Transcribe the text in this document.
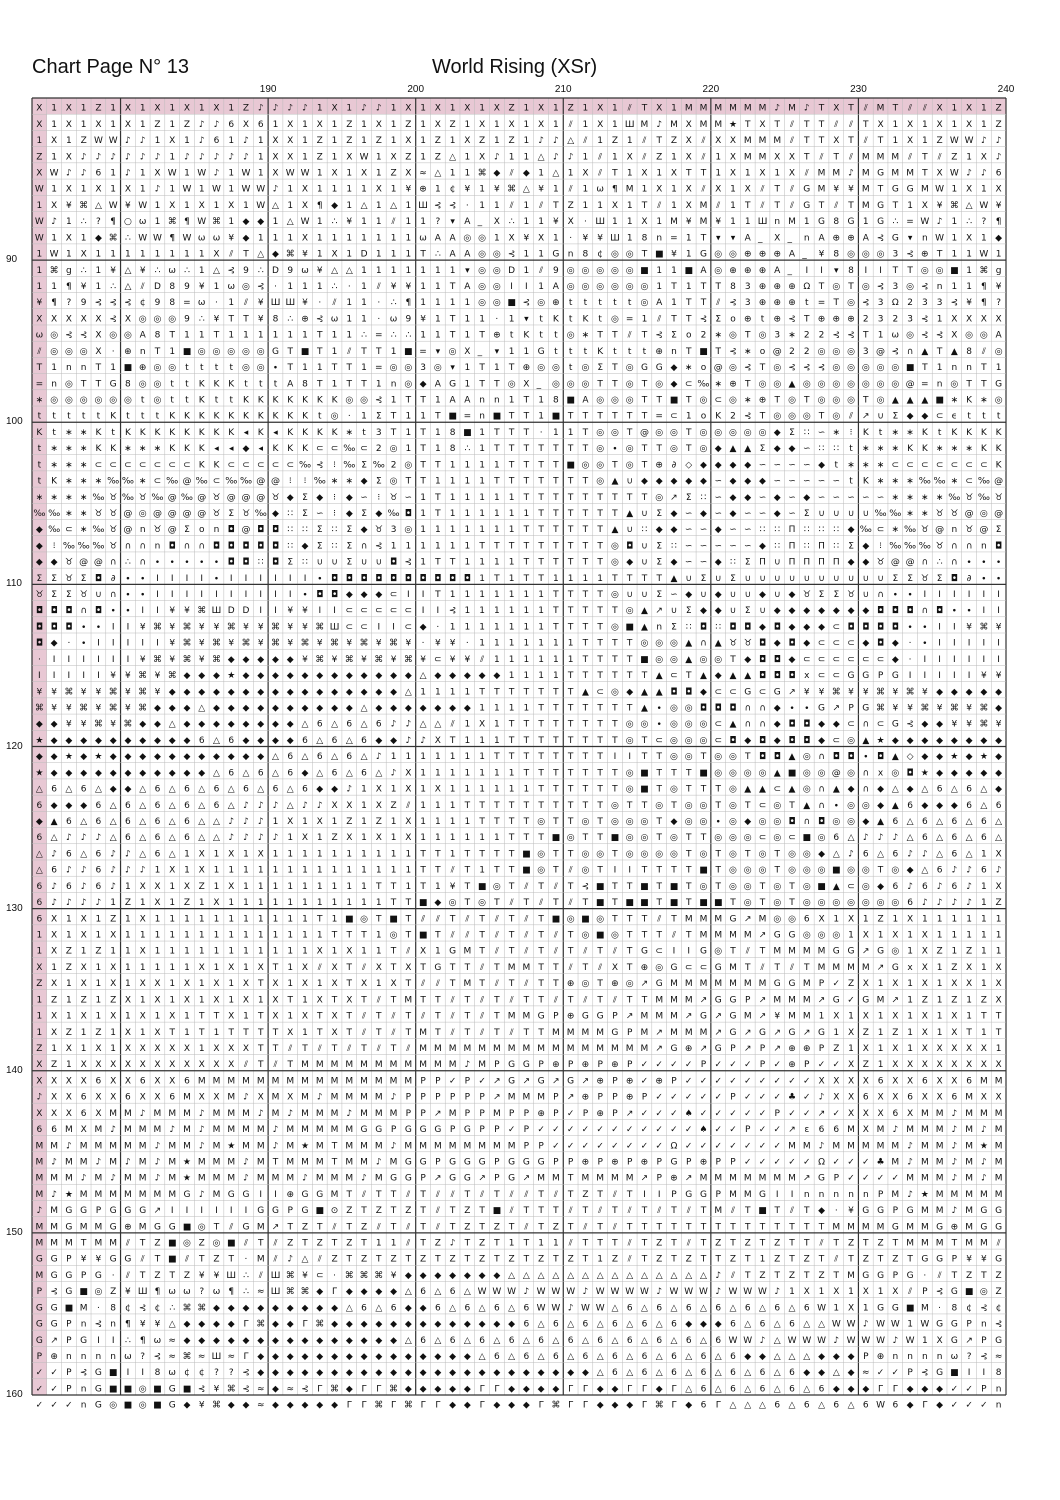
Chart Page N° 13	World Rising (XSr)
190	200	210	220	230	240
90
100
110
120
130
140
150
160
X 1 X 1 Z 1 X 1 X 1 X 1 X 1 Z ♪ ♪ ♪ ♪ 1 X 1 ♪ ♪ 1 X 1 X 1 X 1 X Z 1 X 1 Z 1 X 1 ⫽ T X 1 M M M M M M ♪ M ♪ T X T ⫽ M T ⫽ ⫽ X 1 X 1 Z
X 1 X 1 X 1 X 1 Z 1 Z ♪ ♪ 6 X 6 1 X 1 X 1 Z 1 X 1 Z 1 X Z 1 X 1 X 1 X 1 ⫽ 1 X 1 Ш M ♪ M X M M ★ T X T ⫽ T T ⫽ ⫽ T X 1 X 1 X 1 X 1 Z
1 X 1 Z W W ♪ ♪ 1 X 1 ♪ 6 1 ♪ 1 X X 1 Z 1 Z 1 Z 1 X 1 Z 1 X Z 1 Z 1 ♪ ♪ △ ⫽ 1 Z 1 ⫽ T Z X ⫽ X X M M M ⫽ T T X T ⫽ T 1 X 1 Z W W ♪ ♪
Z 1 X ♪ ♪ ♪ ♪ ♪ ♪ 1 ♪ ♪ ♪ ♪ ♪ 1 X X 1 Z 1 X W 1 X Z 1 Z △ 1 X ♪ 1 1 △ ♪ ♪ 1 ⫽ 1 X ⫽ Z 1 X ⫽ 1 X M M X X T ⫽ T ⫽ M M M ⫽ T ⫽ Z 1 X ♪
X W ♪ ♪ 6 1 ♪ 1 X W 1 W ♪ 1 W 1 X W W 1 X 1 X 1 Z X ≈ △ 1 1 ⌘ ◆ ⫽ ◆ 1 △ 1 X ⫽ T 1 X 1 X T T 1 X 1 X 1 X ⫽ M M ♪ M G M M T X W ♪ ♪ 6
W 1 X 1 X 1 X 1 ♪ 1 W 1 W 1 W W ♪ 1 X 1 1 1 1 X 1 ¥ ⊕ 1 ¢ ¥ 1 ¥ ⌘ △ ¥ 1 ⫽ 1 ω ¶ M 1 X 1 X ⫽ X 1 X ⫽ T ⫽ G M ¥ ¥ M T G G M W 1 X 1 X
1 X ¥ ⌘ △ W ¥ W 1 X 1 X 1 X 1 W △ 1 X ¶ ◆ 1 △ 1 △ 1 Ш ⊰ ⊰ · 1 1 ⫽ 1 ⫽ T Z 1 1 X 1 T ⫽ 1 X M ⫽ 1 T ⫽ T ⫽ G T ⫽ T M G T 1 X ¥ ⌘ △ W ¥
W ♪ 1 ∴ ? ¶ ○ ω 1 ⌘ ¶ W ⌘ 1 ◆ ◆ 1 △ W 1 ∴ ¥ 1 1 ⫽ 1 1 ? ▾ A	X ∴ 1 1 ¥ X · Ш 1 1 X 1 M ¥ M ¥ 1 1 Ш n M 1 G 8 G 1 G ∴ = W ♪ 1 ∴ ? ¶
W 1 X 1 ◆ ⌘ ∴ W W ¶ W ω ω ¥ ◆ 1 1 1 X 1 1 1 1 1 1 1 ω A A ◎ ◎ 1 X ¥ X 1 · ¥ ¥ Ш 1 8 n = 1 T ▾ ▾ A	X	n A ⊕ ⊕ A ⊰ G ▾ n W 1 X 1 ◆
1 W 1 X 1 1 1 1 1 1 1 1 X ⫽ T △ ◆ ⌘ ¥ 1 X 1 D 1 1 1 T ∴ A A ◎ ◎ ⊰ 1 1 G n 8 ¢ ◎ ◎ T ■ ¥ 1 G ◎ ◎ ⊕ ⊕ ⊕ A	¥ 8 ◎ ◎ ◎ 3 ⊰ ⊕ T 1 1 W 1
1 ⌘ g ∴ 1 ¥ △ ¥ ∴ ω ∴ 1 △ ⊰ 9 ∴ D 9 ω ¥ △ △ 1 1 1 1 1 1 1 ▾ ◎ ◎ D 1 ⫽ 9 ◎ ◎ ◎ ◎ ◎ ■ 1 1 ■ A ◎ ⊕ ⊕ ⊕ A	I I ▾ 8 I I T T ◎ ◎ ■ 1 ⌘ g
1 1 ¶ ¥ 1 ∴ △ ⫽ D 8 9 ¥ 1 ω ◎ ⊰ · 1 1 1 ∴ · 1 ⫽ ¥ ¥ 1 1 T A ◎ ◎ I I 1 A ◎ ◎ ◎ ◎ ◎ ◎ 1 T 1 T T 8 3 ⊕ ⊕ ⊕ Ω T ◎ T ◎ ⊰ 3 ◎ ⊰ n 1 1 ¶ ¥
¥ ¶ ? 9 ⊰ ⊰ ⊰ ¢ 9 8 = ω · 1 ⫽ ¥ Ш Ш ¥ · ⫽ 1 1 · ∴ ¶ 1 1 1 1 ◎ ◎ ■ ⊰ ◎ ⊕ t t t t t ◎ A 1 T T ⫽ ⊰ 3 ⊕ ⊕ ⊕ t = T ◎ ⊰ 3 Ω 2 3 3 ⊰ ¥ ¶ ?
X X X X X ⊰ X ◎ ◎ ◎ 9 ∴ ¥ T T ¥ 8 ∴ ⊕ ⊰ ω 1 1 · ω 9 ¥ 1 T 1 1 · 1 ▾ t K t K t ◎ = 1 ⫽ T T ⊰ Σ o ⊕ t ⊕ ⊰ T ⊕ ⊕ ⊕ 2 3 2 3 ⊰ 1 X X X X
ω ◎ ⊰ ⊰ X ◎ ◎ A 8 T 1 1 T 1 1 1 1 1 1 T 1 1 ∴ = ∴ ∴ 1 1 T 1 T ⊕ t K t t ◎ ∗ T T ⫽ T ⊰ Σ o 2 ∗ ◎ T ◎ 3 ∗ 2 2 ⊰ ⊰ T 1 ω ◎ ⊰ ⊰ X ◎ ◎ A
⫽ ◎ ◎ ◎ X · ⊕ n T 1 ■ ◎ ◎ ◎ ◎ ◎ G T ■ T 1 ⫽ T T 1 ■ = ▾ ◎ X	▾ 1 1 G t t t K t t t ⊕ n T ■ T ⊰ ∗ o @ 2 2 ◎ ◎ ◎ 3 @ ⊰ ∩ ▲ T ▲ 8 ⫽ ◎
T 1 n n T 1 ■ ⊕ ◎ ◎ t t t t ◎ ◎ ∙ T 1 1 T T 1 = ◎ ◎ 3 ◎ ▾ 1 T 1 T ⊕ ◎ ◎ t ◎ Σ T ◎ G G ◆ ∗ o @ ◎ ⊰ T ◎ ⊰ ⊰ ⊰ ◎ ◎ ◎ ◎ ◎ ■ T 1 n n T 1
= n ◎ T T G 8 ◎ ◎ t t K K K t t t A 8 T 1 T T 1 n ◎ ◆ A G 1 T T ◎ X ◎ ◎ ◎ T T ◎ T ◎ ◆ ⊂ ‰ ∗ ⊕ T ◎ ◎ ▲ ◎ ◎ ◎ ◎ ◎ ◎ ◎ @ = n ◎ T T G
∗ ◎ ◎ ◎ ◎ ◎ ◎ t ◎ t t K t t K K K K K K K ◎ ◎ ⊰ 1 T T 1 A A n n 1 T 1 8 ■ A ◎ ◎ ◎ T T ■ T ◎ ⊂ ◎ ∗ ⊕ T ◎ T ◎ ◎ ◎ T ◎ ▲ ▲ ▲ ■ ∗ K ∗ ◎
t t t t t K t t t K K K K K K K K K K t ◎ · 1 Σ T 1 1 T ■ = n ■ T T 1 ■ T T T T T T = ⊂ 1 o K 2 ⊰ T ◎ ◎ ◎ T ◎ ⫽ ↗ ∪ Σ ◆ ◆ ⊂ ϵ t t t
K t ∗ ∗ K t K K K K K K K K ◂ K ◂ K K K K ∗ t 3 T 1 T 1 8 ■ 1 T T T · 1 1 T ◎ ◎ T @ ◎ ◎ T ◎ ◎ ◎ ◎ ◎ ◆ Σ ∷ ∽ ∗ ⁝ K t ∗ ∗ K t K K K K
t ∗ ∗ ∗ K K ∗ ∗ ∗ K K K ◂ ◂ ◆ ◂ K K K ⊂ ⊂ ‰ ⊂ 2 ◎ 1 T 1 8 ∴ 1 T T T T T T T ◎ ∙ ◎ T T ◎ T ◎ ◆ ▲ ▲ Σ ◆ ◆ ∽ ∷ ∷ t ∗ ∗ ∗ K K ∗ ∗ ∗ K K
t ∗ ∗ ∗ ⊂ ⊂ ⊂ ⊂ ⊂ ⊂ ⊂ K K ⊂ ⊂ ⊂ ⊂ ⊂ ‰ ⊰ ⁝ ‰ Σ ‰ 2 ◎ T T 1 1 1 1 T T T T ■ ◎ ◎ T ◎ T ⊕ ∂ ◇ ◆ ◆ ◆ ◆ ∽ ∽ ∽ ∽ ◆ t ∗ ∗ ∗ ⊂ ⊂ ⊂ ⊂ ⊂ ⊂ ⊂ K
t K ∗ ∗ ∗ ‰ ‰ ∗ ⊂ ‰ @ ‰ ⊂ ‰ ‰ @ @ ⁝ ⁝ ‰ ∗ ∗ ◆ Σ ◎ T T 1 1 1 1 T T T T T T T ◎ ▲ ∪ ◆ ◆ ◆ ◆ ◆ ∽ ◆ ◆ ◆ ∽ ∽ ∽ ∽ ∽ t K ∗ ∗ ∗ ‰ ‰ ∗ ⊂ ‰ @
∗ ∗ ∗ ∗ ‰ ♉ ‰ ♉ ‰ @ ‰ @ ♉ @ @ @ ♉ ◆ Σ ◆ ⁝ ◆ ∽ ⁝ ♉ ∽ 1 T 1 1 1 1 1 T T T T T T T T T ◎ ↗ Σ ∷ ∽ ◆ ◆ ∽ ◆ ∽ ◆ ∽ ∽ ∽ ∽ ∽ ∗ ∗ ∗ ∗ ‰ ♉ ‰ ♉
‰ ‰ ∗ ∗ ♉ ♉ @ ◎ @ @ @ @ ♉ Σ ♉ ‰ ◆ ∷ Σ ∽ ⁝ ◆ Σ ◆ ‰ ◘ 1 T 1 1 1 1 1 1 T T T T T T ▲ ∪ Σ ◆ ∽ ◆ ∽ ◆ ∽ ∽ ◆ ∽ Σ ∪ ∪ ∪ ∪ ‰ ‰ ∗ ∗ ♉ ♉ @ ◎ @
◆ ‰ ⊂ ∗ ‰ ♉ @ n ♉ @ Σ o n ◘ @ ◘ ◘ ∷ ∷ Σ ∷ Σ ◆ ♉ 3 ◎ 1 1 1 1 1 1 1 T T T T T T ▲ ∪ ∷ ◆ ◆ ∽ ∽ ◆ ∽ ∽ ∷ ∷ Π ∷ ∷ ∷ ◆ ‰ ⊂ ∗ ‰ ♉ @ n ♉ @ Σ
◆ ⁝ ‰ ‰ ‰ ♉ ∩ ∩ n ◘ ∩ ∩ ◘ ◘ ◘ ◘ ◘ ∷ ◆ Σ ∷ Σ ∩ ⊰ 1 1 1 1 1 1 T T T T T T T T T ◎ ◘ ∪ Σ ∷ ∽ ∽ ∽ ∽ ∽ ◆ ∷ Π ∷ Π ∷ Σ ◆ ⁝ ‰ ‰ ‰ ♉ ∩ ∩ n ◘
◆ ◆ ♉ @ @ ∩ ∴ ∩ ∙ ∙ ∙ ∙ ∙ ◘ ◘ ∷ ◘ Σ ∷ ∪ ∪ Σ ∪ ∪ ◘ ⊰ 1 T T 1 1 1 1 T T T T T T ◎ ◆ ∪ Σ ◆ ∽ ∽ ◆ ∷ Σ Π ∪ Π Π Π Π ◆ ◆ ♉ @ @ ∩ ∴ ∩ ∙ ∙ ∙
Σ Σ ♉ Σ ◘ ∂ ∙ ∙ I I I I ∙ I I I I I I ∙ ◘ ◘ ◘ ◘ ◘ ◘ ◘ ◘ ◘ ◘ 1 T 1 T T 1 1 1 1 T T T T ▲ ∪ Σ ∪ Σ ∪ ∪ ∪ ∪ ∪ ∪ ∪ ∪ ∪ ∪ Σ Σ ♉ Σ ◘ ∂ ∙ ∙
♉ Σ Σ ♉ ∪ ∩ ∙ ∙ I I I I I I I I I I ∙ ◘ ◘ ◆ ◆ ◆ ⊂ I I T 1 1 1 1 1 1 1 T T T T ◎ ∪ ∪ Σ ∽ ◆ ∪ ◆ ∪ ∪ ◆ ∪ ◆ ♉ Σ Σ ♉ ∪ ∩ ∙ ∙ I I I I I I
◘ ◘ ◘ ∩ ◘ ∙ ∙ I I ¥ ¥ ⌘ Ш D D I I ¥ ¥ I I ⊂ ⊂ ⊂ ⊂ ⊂ I I ⊰ 1 1 1 1 1 1 T T T T T ◎ ▲ ↗ ∪ Σ ◆ ◆ ∪ Σ ∪ ◆ ◆ ◆ ◆ ◆ ◆ ◆ ◘ ◘ ◘ ∩ ◘ ∙ ∙ I I
◘ ◘ ◘ ∙ ∙ I I ¥ ⌘ ¥ ⌘ ¥ ¥ ⌘ ¥ ¥ ⌘ ¥ ¥ ⌘ Ш ⊂ ⊂ I I ⊂ ◆ · 1 1 1 1 1 1 1 T T T T ◎ ■ ▲ n Σ ∷ ◘ ∷ ◘ ◘ ◆ ◘ ◆ ◆ ◆ ⊂ ◘ ◘ ◘ ◘ ∙ ∙ I I ¥ ⌘ ¥
◘ ◆ · ∙ I I I I I ¥ ⌘ ¥ ⌘ ¥ ⌘ ¥ ⌘ ¥ ⌘ ¥ ⌘ ¥ ⌘ ¥ ⌘ ¥ · ¥ ¥ · 1 1 1 1 1 1 1 T T T T ◎ ◎ ◎ ▲ ∩ ▲ ♉ ♉ ◘ ◆ ◘ ◆ ⊂ ⊂ ⊂ ◆ ◘ ◆ · ∙ I I I I I
· I I I I I I ¥ ⌘ ¥ ⌘ ¥ ⌘ ◆ ◆ ◆ ◆ ◆ ¥ ⌘ ¥ ⌘ ¥ ⌘ ¥ ⌘ ¥ ⊂ ¥ ¥ ⫽ 1 1 1 1 1 1 T T T T ■ ◎ ◎ ▲ ◎ ◎ T ◆ ◘ ◘ ◆ ⊂ ⊂ ⊂ ⊂ ⊂ ⊂ ◆ · I I I I I I
I I I I I ¥ ¥ ⌘ ¥ ⌘ ◆ ◆ ◆ ★ ◆ ◆ ◆ ◆ ◆ ◆ ◆ ◆ ◆ ◆ ◆ ◆ △ ◆ ◆ ◆ ◆ ◆ 1 1 1 1 T T T T T T ▲ ⊂ T ▲ ◆ ▲ ▲ ◘ ◘ ◘ x ⊂ ⊂ G G P G I I I I I ¥ ¥
¥ ¥ ⌘ ¥ ¥ ⌘ ¥ ⌘ ¥ ◆ ◆ ◆ ◆ ◆ ◆ ◆ ◆ ◆ ◆ ◆ ◆ ◆ ◆ ◆ ◆ △ 1 1 1 1 T T T T T T T ▲ ⊂ ◎ ◆ ▲ ▲ ◘ ◘ ◆ ⊂ ⊂ G ⊂ G ↗ ¥ ¥ ⌘ ¥ ¥ ⌘ ¥ ⌘ ¥ ◆ ◆ ◆ ◆ ◆
⌘ ¥ ¥ ⌘ ¥ ⌘ ¥ ⌘ ◆ ◆ ◆ △ ◆ ◆ ◆ ◆ ◆ ◆ ◆ ◆ ◆ ◆ △ ◆ ◆ ◆ ◆ ◆ ◆ ◆ 1 1 1 1 T T T T T T T ▲ ∙ ◎ ◎ ◘ ◘ ◘ ∩ ∩ ◆ ∙ ∙ G ↗ P G ⌘ ¥ ¥ ⌘ ¥ ⌘ ¥ ⌘ ◆
◆ ◆ ¥ ¥ ⌘ ¥ ⌘ ◆ ◆ △ ◆ ◆ ◆ ◆ ◆ ◆ ◆ ◆ △ 6 △ 6 △ 6 ♪ ♪ △ △ ⫽ 1 X 1 T T T T T T T T ◎ ◎ ∙ ◎ ◎ ◎ ⊂ ▲ ∩ ∩ ◆ ◘ ◘ ◆ ◆ ⊂ ∩ ⊂ G ⊰ ◆ ◆ ¥ ¥ ⌘ ¥
★ ◆ ◆ ◆ ◆ ◆ ◆ ◆ ◆ ◆ ◆ 6 △ 6 ◆ ◆ ◆ ◆ 6 △ 6 △ 6 ◆ ◆ ♪ ♪ X T 1 1 1 T T T T T T T T ◎ T ⊂ ◎ ◎ ◎ ⊂ ◘ ◆ ◘ ◆ ◘ ◘ ◆ ⊂ ◎ ▲ ★ ◆ ◆ ◆ ◆ ◆ ◆ ◆ ◆
◆ ◆ ★ ◆ ★ ◆ ◆ ◆ ◆ ◆ ◆ ◆ ◆ ◆ ◆ ◆ △ 6 △ 6 △ 6 △ ♪ 1 1 1 1 1 1 1 T T T T T T T T I I T T ◎ ◎ T ◎ ◎ T ◘ ◘ ▲ ◎ ∩ ◘ ◘ ∙ ◘ ▲ ◇ ◆ ◆ ★ ◆ ★ ◆
★ ◆ ◆ ◆ ◆ ◆ ◆ ◆ ◆ ◆ ◆ ◆ △ 6 △ 6 △ 6 ◆ △ 6 △ 6 △ ♪ X 1 1 1 1 1 1 1 T T T T T T T ◎ ■ T T T ■ ◎ ◎ ◎ ◎ ▲ ■ ◎ ◎ @ ◎ ∩ x ◎ ◘ ★ ◆ ◆ ◆ ◆ ◆
△ 6 △ 6 △ ◆ ◆ △ 6 △ 6 △ 6 △ 6 △ 6 △ 6 ◆ ◆ ♪ 1 X 1 X 1 X 1 1 1 1 1 1 T T T T T T ◎ ■ T ◎ T T T ◎ ▲ ▲ ⊂ ▲ ◎ ∩ ▲ ◆ ∩ ◆ △ ◆ △ 6 △ 6 △ ◆
6 ◆ ◆ ◆ 6 △ 6 △ 6 △ 6 △ 6 △ ♪ ♪ ♪ △ ♪ ♪ X X 1 X Z ⫽ 1 1 1 T T T T T T T T T T ◎ T T ◎ T ◎ ◎ T ◎ T ⊂ ◎ T ▲ ∩ ∙ ◎ ◎ ◆ ▲ 6 ◆ ◆ ◆ 6 △ 6
◆ ▲ 6 △ 6 △ 6 △ 6 △ 6 △ △ ♪ ♪ ♪ 1 X 1 X 1 Z 1 Z 1 X 1 1 1 1 T T T T ◎ T T ◎ T ◎ ◎ ◎ T ◆ ◎ ◎ ∙ ◎ ◆ ◎ ◎ ◘ ∩ ◘ ◎ ◎ ◆ ▲ 6 △ 6 △ 6 △ 6 △
6 △ ♪ ♪ ♪ △ 6 △ 6 △ 6 △ △ ♪ ♪ ♪ ♪ 1 X 1 Z X 1 X 1 X 1 1 1 1 1 1 T T T ■ ◎ T T ■ ◎ ◎ T ◎ T T ◎ ◎ ◎ ⊂ ◎ ⊂ ■ ◎ 6 △ ♪ ♪ ♪ △ 6 △ 6 △ 6 △
△ ♪ 6 △ 6 ♪ ♪ △ 6 △ 1 X 1 X 1 X 1 1 1 1 1 1 1 1 1 1 T T 1 T T T T ■ ◎ T T ◎ ◎ T ◎ ◎ ◎ ◎ T ◎ T ◎ T ◎ T ◎ ◎ ◆ △ ♪ 6 △ 6 ♪ ♪ △ 6 △ 1 X
△ 6 ♪ ♪ 6 ♪ ♪ ♪ 1 X 1 X 1 1 1 1 1 1 1 1 1 1 1 1 1 1 T T ⫽ T 1 T T ■ ◎ T ⫽ ◎ T I I T T T T ■ T ◎ ◎ ◎ T ◎ ◎ ◎ ■ ◎ ◎ T ◎ ◆ △ 6 ♪ ♪ 6 ♪
6 ♪ 6 ♪ 6 ♪ 1 X X 1 X Z 1 X 1 1 1 1 1 1 1 1 1 T T 1 T 1 ¥ T ■ ◎ T ⫽ T ⫽ T ⊰ ■ T T ■ T ■ T ◎ T ◎ ◎ T ◎ T ◎ ■ ▲ ⊂ ◎ ◆ 6 ♪ 6 ♪ 6 ♪ 1 X
6 ♪ ♪ ♪ ♪ 1 Z 1 X 1 Z 1 X 1 1 1 1 1 1 1 1 1 1 1 T T ■ ◆ ◎ T ◎ T ⫽ T ⫽ T ⫽ T ■ T ■ ■ T ■ T ■ ■ T ◎ T ◎ T ◎ ◎ ◎ ◎ ◎ ◎ ◎ 6 ♪ ♪ ♪ ♪ 1 Z
6 X 1 X 1 Z 1 X 1 1 1 1 1 1 1 1 1 1 1 T 1 ■ ◎ T ■ T ⫽ ⫽ T ⫽ T ⫽ T ⫽ T ■ ◎ ■ ◎ T T T ⫽ T M M M G ↗ M ◎ ◎ 6 X 1 X 1 Z 1 X 1 1 1 1 1 1
1 X 1 X 1 X 1 1 1 1 1 1 1 1 1 1 1 1 1 1 T T T 1 ◎ T ■ T ⫽ ⫽ T ⫽ T ⫽ T ⫽ T ◎ ■ ◎ T T T ⫽ T M M M M ↗ G G ◎ ◎ ◎ 1 X 1 X 1 X 1 1 1 1 1
1 X Z 1 Z 1 1 X 1 1 1 1 1 1 1 1 1 1 1 X 1 X 1 1 T ⫽ X 1 G M T ⫽ T ⫽ T ⫽ T ⫽ T ⫽ T G ⊂ I I G ◎ T ⫽ T M M M M G G ↗ G ◎ 1 X Z 1 Z 1 1
X 1 Z X 1 X 1 1 1 1 1 X 1 X 1 X T 1 X ⫽ X T ⫽ X T X T G T T ⫽ T M M T T ⫽ T ⫽ X T ⊕ ◎ G ⊂ ⊂ G M T ⫽ T ⫽ T M M M M ↗ G x X 1 Z X 1 X
Z X 1 X 1 X 1 X X 1 X 1 X 1 X T X 1 X 1 X T X 1 X T ⫽ ⫽ T M T ⫽ T ⫽ T T ⊕ ◎ T ⊕ ◎ ↗ G M M M M M M M G G M P ✓ Z X 1 X 1 X 1 X X 1 X
1 Z 1 Z 1 Z X 1 X 1 X 1 X 1 X 1 X T 1 X T X T ⫽ T M T T ⫽ T ⫽ T ⫽ T T ⫽ T ⫽ T ⫽ T T M M M ↗ G G P ↗ M M M ↗ G ✓ G M ↗ 1 Z 1 Z 1 Z X
1 X 1 X 1 X 1 X 1 X 1 T T X 1 T X 1 X T X T ⫽ T ⫽ T ⫽ T ⫽ T ⫽ T M M G P ⊕ G G P ↗ M M M ↗ G ↗ G M ↗ ¥ M M 1 X 1 X 1 X 1 X 1 X 1 T T
1 X Z 1 Z 1 X 1 X T 1 T 1 T T T T X 1 T X T ⫽ T ⫽ T M T ⫽ T ⫽ T ⫽ T T M M M M G P M ↗ M M M ↗ G ↗ G ↗ G ↗ G 1 X Z 1 Z 1 X 1 X T 1 T
Z 1 X 1 X 1 X X X X X 1 X X X T T ⫽ T ⫽ T ⫽ T ⫽ T ⫽ M M M M M M M M M M M M M M M M ↗ G ⊕ ↗ G P ↗ P ↗ ⊕ ⊕ P Z 1 X 1 X 1 X X X X X 1
X Z 1 X X X X X X X X X X X ⫽ T ⫽ T M M M M M M M M M M M ♪ M P G G P ⊕ P ⊕ P ⊕ P ✓ ✓ ✓ ✓ P ✓ ✓ ✓ P ✓ ⊕ P ✓ ✓ X Z 1 X X X X X X X X
X X X X 6 X X 6 X X 6 M M M M M M M M M M M M M M M P P ✓ P ✓ ↗ G ↗ G ↗ G ↗ ⊕ P ⊕ ✓ ⊕ P ✓ ✓ ✓ ✓ ✓ ✓ ✓ ✓ ✓ X X X X 6 X X 6 X X 6 M M
♪ X X 6 X X 6 X X 6 M X X M ♪ X M X M ♪ M M M M ♪ P P P P P P ↗ M M M P ↗ ⊕ P P ⊕ P ✓ ✓ ✓ ✓ ✓ P ✓ ✓ ✓ ♣ ✓ ♪ X X 6 X X 6 X X 6 M X X
X X X 6 X M M ♪ M M M ♪ M M M ♪ M ♪ M M M ♪ M M M P P ↗ M P P M P P ⊕ P ✓ P ⊕ P ↗ ✓ ✓ ✓ ♠ ✓ ✓ ✓ ✓ ✓ P ✓ ✓ ↗ ✓ X X X 6 X M M ♪ M M M
6 6 M X M ♪ M M M ♪ M ♪ M M M M ♪ M M M M M G G P G G G P G P P ✓ P ✓ ✓ ✓ ✓ ✓ ✓ ✓ ✓ ✓ ✓ ✓ ♠ ✓ ✓ P ✓ ✓ ↗ ε 6 6 M X M ♪ M M M ♪ M ♪ M
M M ♪ M M M M M ♪ M M ♪ M ★ M M ♪ M ★ M T M M M ♪ M M M M M M M M P P ✓ ✓ ✓ ✓ ✓ ✓ ✓ ✓ Ω ✓ ✓ ✓ ✓ ✓ ✓ ✓ M M ♪ M M M M M ♪ M M ♪ M ★ M
M ♪ M M ♪ M ♪ M ♪ M ★ M M M ♪ M T M M M T M M ♪ M G G P G G G P G G G P P ⊕ P ⊕ P ⊕ P G P ⊕ P P ✓ ✓ ✓ ✓ ✓ Ω ✓ ✓ ✓ ♣ M ♪ M M ♪ M ♪ M
M M M ♪ M ♪ M M ♪ M ★ M M M ♪ M M M ♪ M M M ♪ M G G P ↗ G G ↗ P G ↗ M M T M M M M ↗ P ⊕ ↗ M M M M M M M ↗ G P ✓ ✓ ✓ ✓ M M M ♪ M ♪ M
M ♪ ★ M M M M M M M G ♪ M G G I I ⊕ G G M T ⫽ T T ⫽ T ⫽ ⫽ T ⫽ T ⫽ ⫽ T ⫽ T Z T ⫽ T I I P G G P M M G I I n n n n n P M ♪ ★ M M M M M
♪ M G G P G G G ↗ I I I I I I G G P G ■ ⊙ Z T Z T Z T ⫽ T Z T ■ ⫽ T T T ⫽ T ⫽ T ⫽ T ⫽ T ⫽ T M ⫽ T ■ T ⫽ T ◆ · ¥ G G P G M M ♪ M G G
M M G M M G ⊕ M G G ■ ◎ T ⫽ G M ↗ T Z T ⫽ T Z ⫽ T ⫽ T ⫽ T Z T Z T ⫽ T Z T ⫽ T ⫽ T T T T T T T T T T T T T T M M M M G M M G ⊕ M G G
M M M T M M ⫽ T Z ■ ◎ Z ◎ ■ ⫽ T ⫽ Z T Z T Z T 1 1 ⫽ T Z ♪ T Z T 1 T 1 1 ⫽ T T T ⫽ T Z T ⫽ T Z T Z T Z T T ⫽ T Z T Z T M M M T M M ⫽
G G P ¥ ¥ G G ⫽ T ■ ⫽ T Z T · M ⫽ ♪ △ ⫽ Z T Z T Z T Z T Z T Z T Z T Z T Z T 1 Z ⫽ T Z T Z T T Z T 1 Z T Z T ⫽ T Z T Z T G G P ¥ ¥ G
M G G P G · ⫽ T Z T Z ¥ ¥ Ш ∴ ⫽ Ш ⌘ ¥ ⊂ · ⌘ ⌘ ⌘ ¥ ◆ ◆ ◆ ◆ ◆ ◆ ◆ △ △ △ △ △ △ △ △ △ △ △ △ △ △ ♪ ⫽ T Z T Z T Z T M G G P G · ⫽ T Z T Z
P ⊰ G ■ ◎ Z ¥ Ш ¶ ω ω ? ω ¶ ∴ ≈ Ш ⌘ ⌘ ◆ Γ ◆ ◆ ◆ ◆ △ 6 △ 6 △ W W W ♪ W W W ♪ W W W W ♪ W W W ♪ W W W ♪ 1 X 1 X 1 X 1 X ⫽ P ⊰ G ■ ◎ Z
G G ■ M · 8 ¢ ⊰ ¢ ∴ ⌘ ⌘ ◆ ◆ ◆ ◆ ◆ ◆ ◆ ◆ ◆ △ 6 △ 6 ◆ ◆ 6 △ 6 △ 6 △ 6 W W ♪ W W △ 6 △ 6 △ 6 △ 6 △ 6 △ 6 △ 6 W 1 X 1 G G ■ M · 8 ¢ ⊰ ¢
G G P n ⊰ n ¶ ¥ ¥ △ ◆ ◆ ◆ ◆ Γ ⌘ ◆ ◆ Γ ⌘ ◆ ◆ ◆ ◆ ◆ ◆ ◆ ◆ ◆ ◆ ◆ ◆ ◆ 6 △ 6 △ 6 △ 6 △ 6 △ 6 ◆ ◆ ◆ 6 △ 6 △ 6 △ △ W W ♪ W W 1 W G G P n ⊰
G ↗ P G I I ∴ ¶ ω ≈ ◆ ◆ ◆ ◆ ◆ ◆ ◆ ◆ ◆ ◆ ◆ ◆ ◆ ◆ ◆ △ 6 △ 6 △ 6 △ 6 △ 6 △ 6 △ 6 △ 6 △ 6 △ 6 △ 6 W W ♪ △ W W W ♪ W W W ♪ W 1 X G ↗ P G
P ⊕ n n n n ω ? ⊰ ≈ ⌘ ≈ Ш ≈ Γ ◆ ◆ ◆ ◆ ◆ ◆ ◆ ◆ ◆ ◆ ◆ ◆ ◆ ◆ ◆ △ 6 △ 6 △ 6 △ 6 △ 6 △ 6 △ 6 △ 6 △ 6 ◆ ◆ △ △ △ ◆ ◆ ◆ P ⊕ n n n n ω ? ⊰ ≈
✓ ✓ P ⊰ G ■ I I 8 ω ¢ ¢ ? ? ⊰ ◆ ◆ ◆ ◆ ◆ ◆ ◆ ◆ ◆ ◆ ◆ ◆ ◆ ◆ ◆ ◆ ◆ ◆ ◆ ◆ ◆ ◆ ◆ △ 6 △ 6 △ 6 △ 6 △ 6 △ 6 △ 6 ◆ ◆ △ ◆ ≈ ✓ ✓ P ⊰ G ■ I I 8
✓ ✓ P n G ■ ■ ◎ ■ G ■ ⊰ ¥ ⌘ ⊰ ≈ ◆ ≈ ⊰ Γ ⌘ ◆ Γ Γ ⌘ ◆ ◆ ◆ ◆ ◆ Γ Γ ◆ ◆ ◆ ◆ Γ Γ ◆ ◆ Γ Γ ◆ Γ △ 6 △ 6 △ 6 △ 6 △ 6 ◆ ◆ ◆ Γ Γ ◆ ◆ ◆ ✓ ✓ P n
✓ ✓ ✓ n G ◎ ■ ◎ ■ G ◆ ¥ ⌘ ◆ ◆ ≈ ◆ ◆ ◆ ◆ ◆ Γ Γ ⌘ Γ ⌘ Γ Γ ◆ ◆ Γ ◆ ◆ ◆ Γ ⌘ Γ Γ ◆ ◆ ◆ Γ ⌘ Γ ◆ 6 Γ △ △ △ 6 △ 6 △ 6 △ 6 W 6 ◆ Γ ◆ ✓ ✓ ✓ n
